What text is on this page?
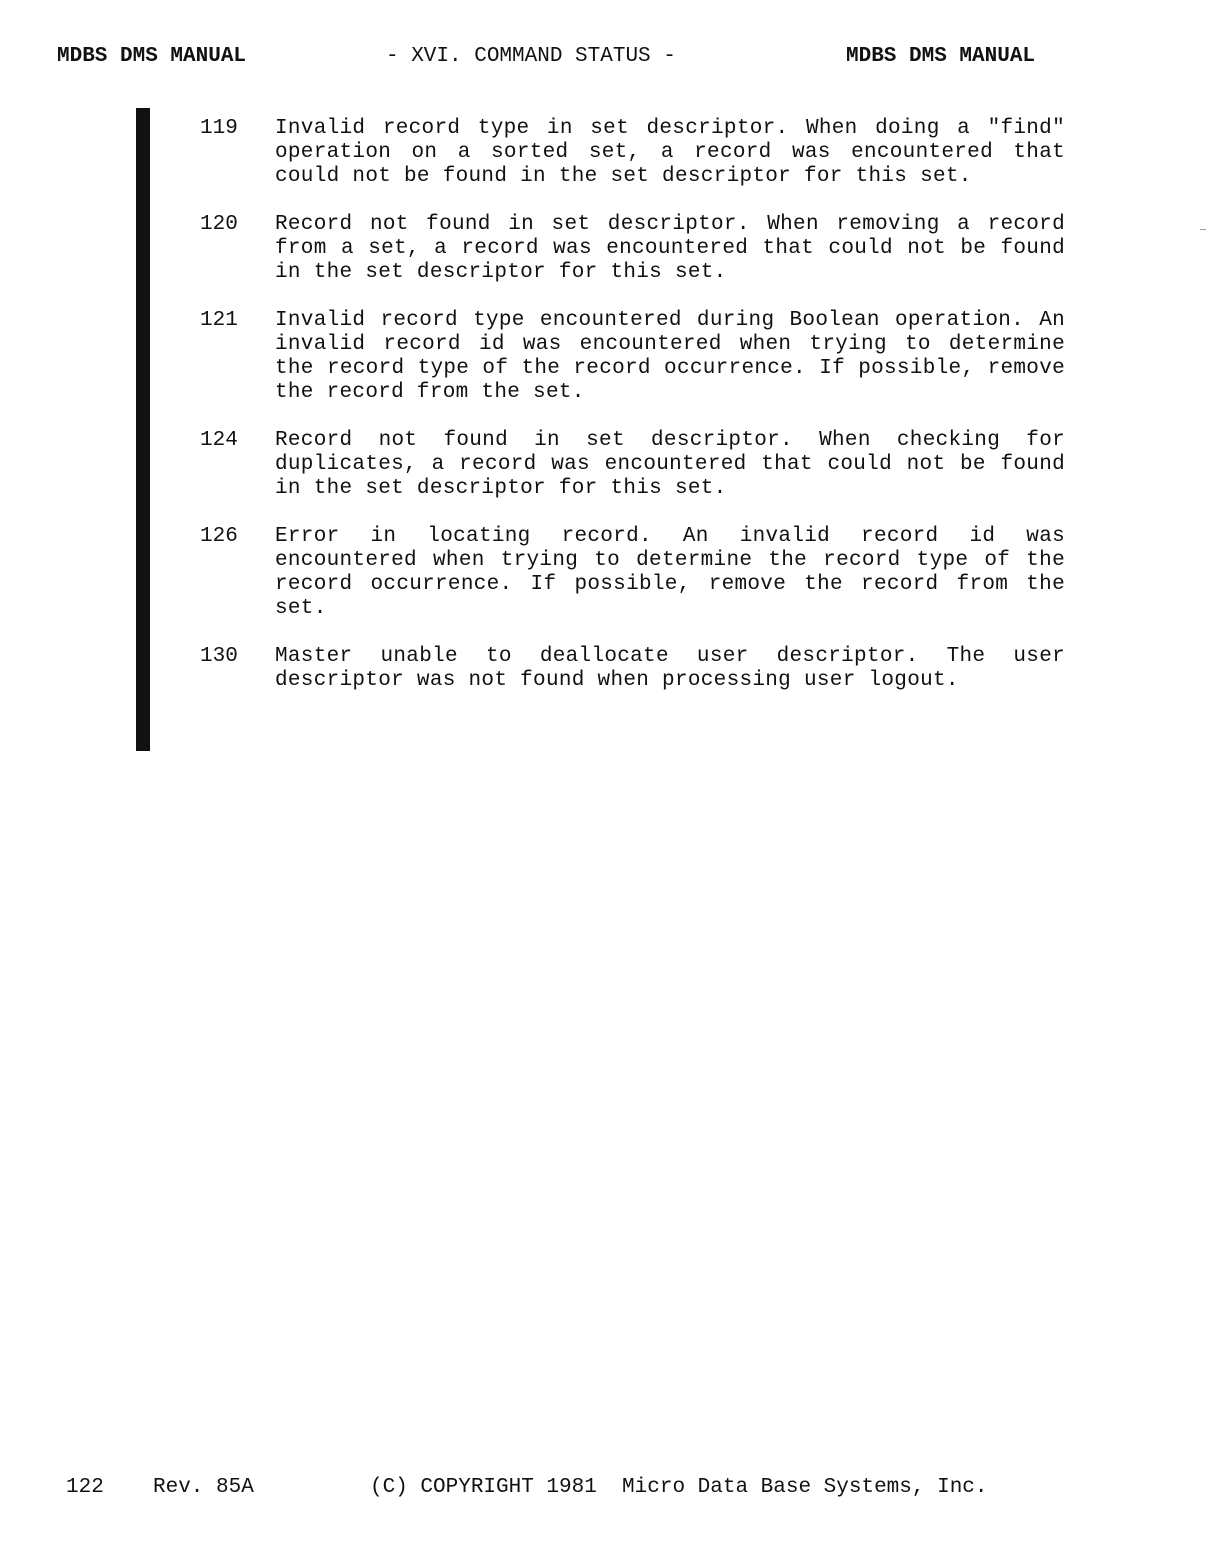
MDBS DMS MANUAL	- XVI. COMMAND STATUS -	MDBS DMS MANUAL
119	Invalid record type in set descriptor. When doing a "find" operation on a sorted set, a record was encountered that could not be found in the set descriptor for this set.
120	Record not found in set descriptor. When removing a record from a set, a record was encountered that could not be found in the set descriptor for this set.
121	Invalid record type encountered during Boolean operation. An invalid record id was encountered when trying to determine the record type of the record occurrence. If possible, remove the record from the set.
124	Record not found in set descriptor. When checking for duplicates, a record was encountered that could not be found in the set descriptor for this set.
126	Error in locating record. An invalid record id was encountered when trying to determine the record type of the record occurrence. If possible, remove the record from the set.
130	Master unable to deallocate user descriptor. The user descriptor was not found when processing user logout.
122 Rev. 85A	(C) COPYRIGHT 1981  Micro Data Base Systems, Inc.
